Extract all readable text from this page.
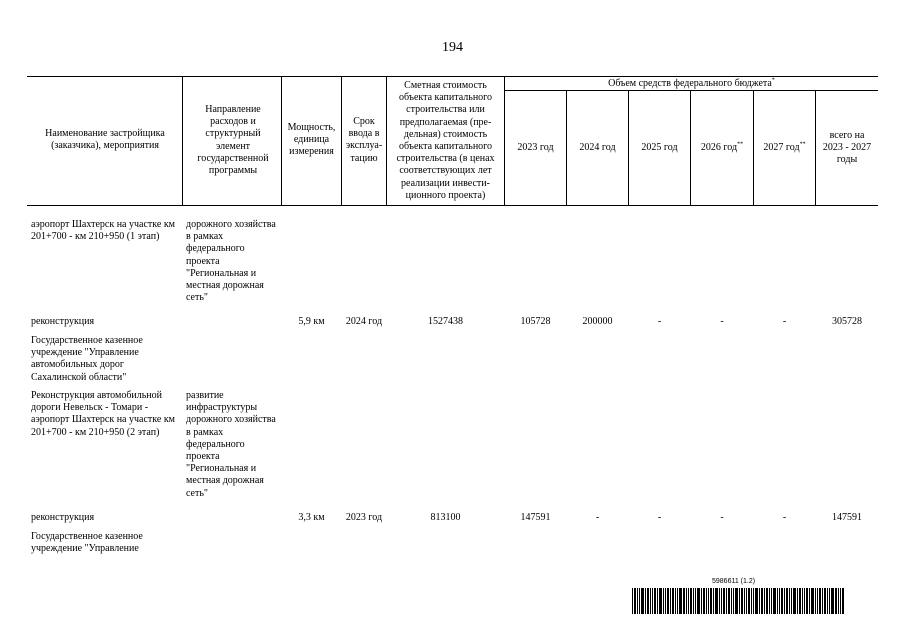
194
Наименование застройщика (заказчика), мероприятия
Направление расходов и структурный элемент государственной программы
Мощность, единица измерения
Срок ввода в эксплуа-тацию
Сметная стоимость объекта капитального строительства или предполагаемая (пре-дельная) стоимость объекта капитального строительства (в ценах соответствующих лет реализации инвести-ционного проекта)
Объем средств федерального бюджета*
2023 год	2024 год	2025 год	2026 год**	2027 год**
всего на 2023 - 2027 годы
аэропорт Шахтерск на участке км 201+700 - км 210+950 (1 этап)
дорожного хозяйства в рамках федерального проекта "Региональная и местная дорожная сеть"
реконструкция	5,9 км	2024 год	1527438	105728	200000	-	-	-	305728
Государственное казенное учреждение "Управление автомобильных дорог Сахалинской области"
Реконструкция автомобильной дороги Невельск - Томари - аэропорт Шахтерск на участке км 201+700 - км 210+950 (2 этап)
развитие инфраструктуры дорожного хозяйства в рамках федерального проекта "Региональная и местная дорожная сеть"
реконструкция	3,3 км	2023 год	813100	147591	-	-	-	-	147591
Государственное казенное учреждение "Управление
5986611 (1.2)
